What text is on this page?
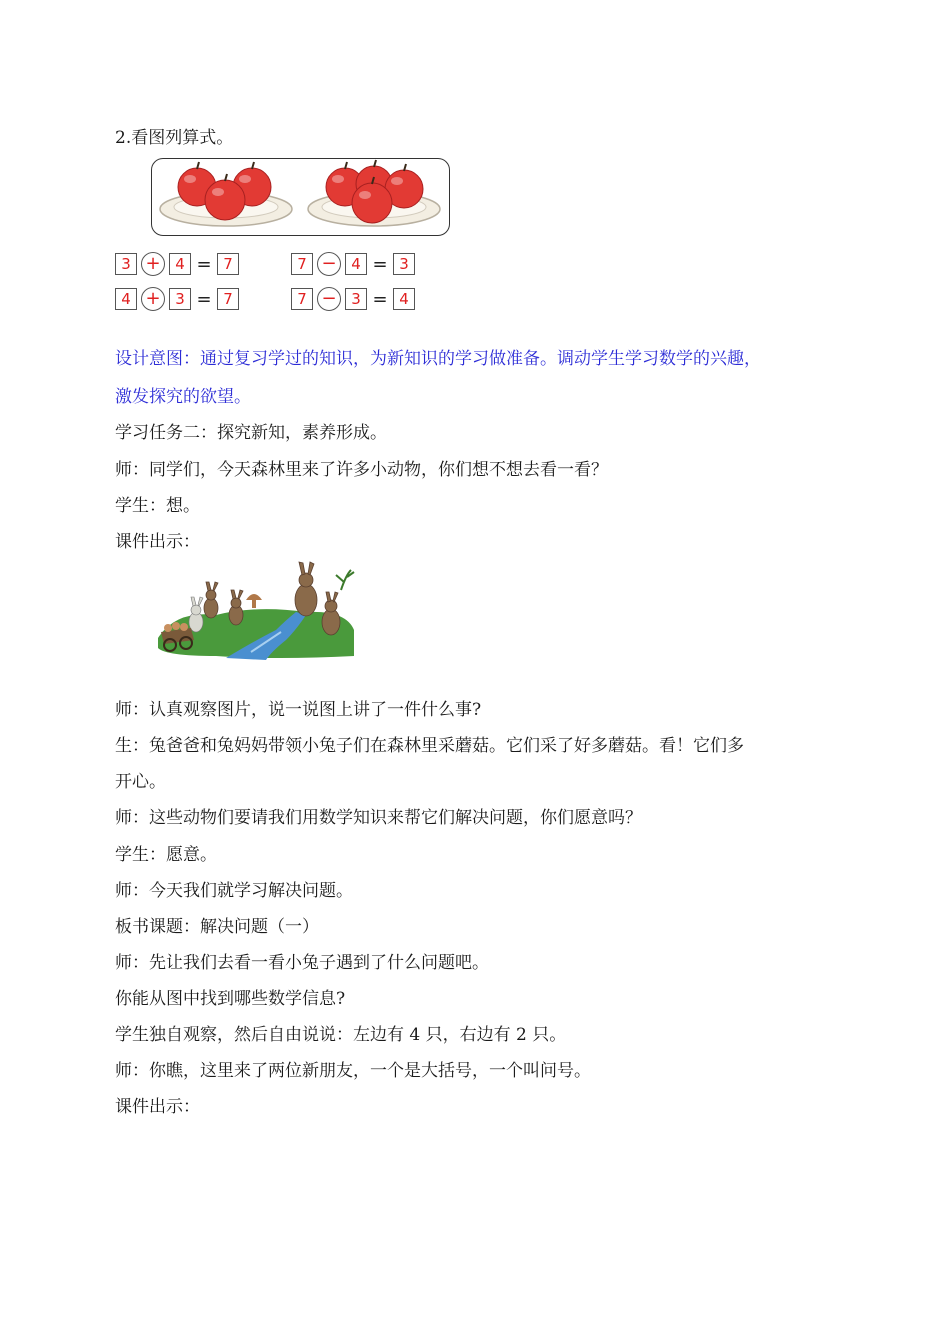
2.看图列算式。
3 + 4 = 7	7 − 4 = 3
4 + 3 = 7	7 − 3 = 4
设计意图：通过复习学过的知识，为新知识的学习做准备。调动学生学习数学的兴趣，
激发探究的欲望。
学习任务二：探究新知，素养形成。
师：同学们，今天森林里来了许多小动物，你们想不想去看一看？
学生：想。
课件出示：
师：认真观察图片，说一说图上讲了一件什么事?
生：兔爸爸和兔妈妈带领小兔子们在森林里采蘑菇。它们采了好多蘑菇。看！它们多
开心。
师：这些动物们要请我们用数学知识来帮它们解决问题，你们愿意吗？
学生：愿意。
师：今天我们就学习解决问题。
板书课题：解决问题（一）
师：先让我们去看一看小兔子遇到了什么问题吧。
你能从图中找到哪些数学信息?
学生独自观察，然后自由说说：左边有 4 只，右边有 2 只。
师：你瞧，这里来了两位新朋友，一个是大括号，一个叫问号。
课件出示：
